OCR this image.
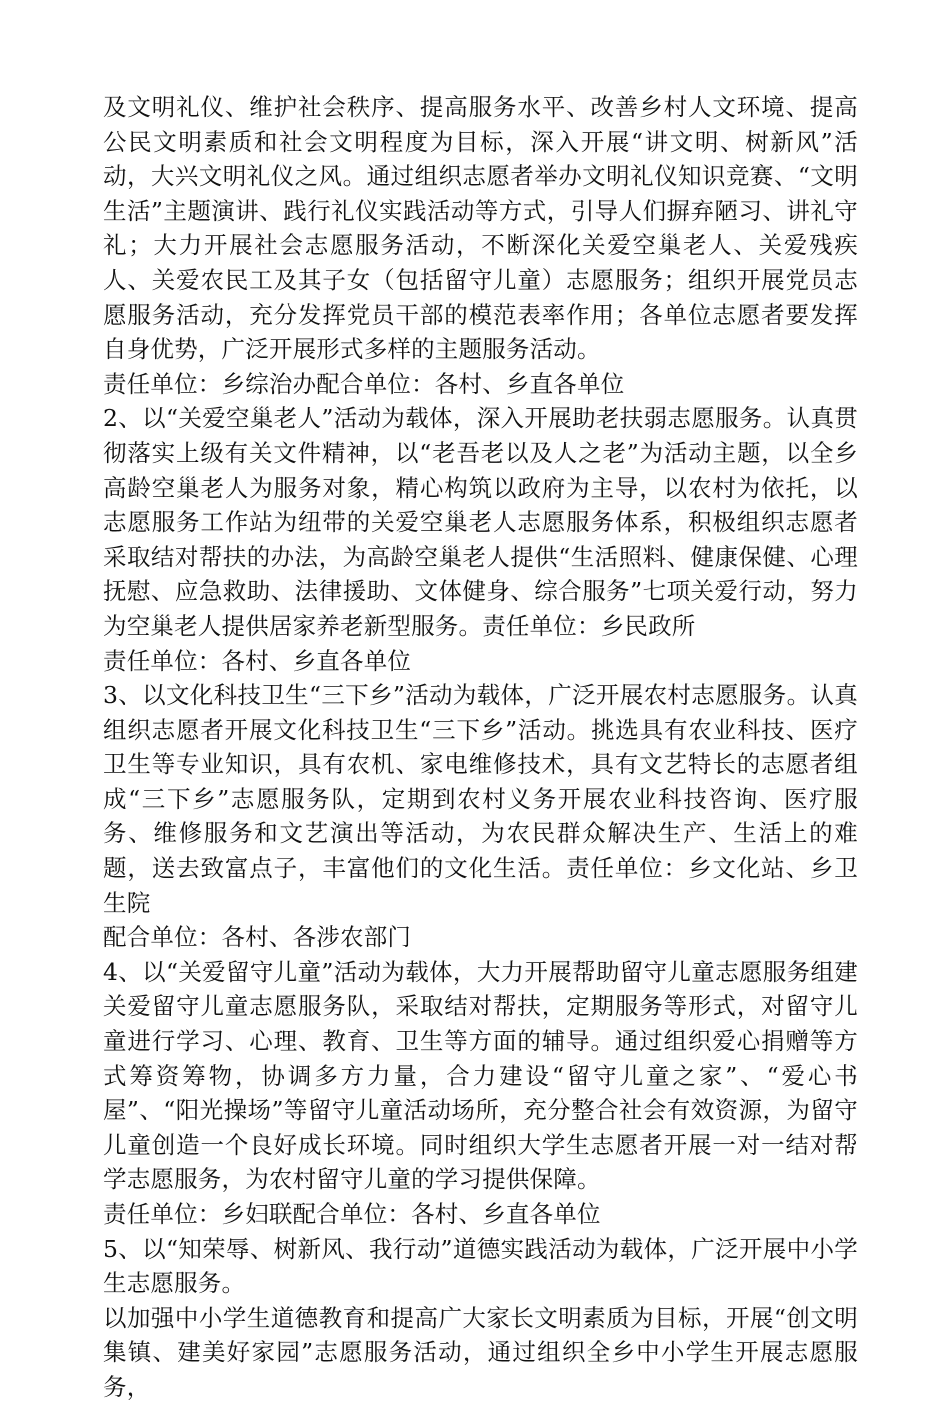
及文明礼仪、维护社会秩序、提高服务水平、改善乡村人文环境、提高公民文明素质和社会文明程度为目标，深入开展“讲文明、树新风”活动，大兴文明礼仪之风。通过组织志愿者举办文明礼仪知识竞赛、“文明生活”主题演讲、践行礼仪实践活动等方式，引导人们摒弃陋习、讲礼守礼；大力开展社会志愿服务活动，不断深化关爱空巢老人、关爱残疾人、关爱农民工及其子女（包括留守儿童）志愿服务；组织开展党员志愿服务活动，充分发挥党员干部的模范表率作用；各单位志愿者要发挥自身优势，广泛开展形式多样的主题服务活动。

责任单位：乡综治办配合单位：各村、乡直各单位

2、以“关爱空巢老人”活动为载体，深入开展助老扶弱志愿服务。认真贯彻落实上级有关文件精神，以“老吾老以及人之老”为活动主题，以全乡高龄空巢老人为服务对象，精心构筑以政府为主导，以农村为依托，以志愿服务工作站为纽带的关爱空巢老人志愿服务体系，积极组织志愿者采取结对帮扶的办法，为高龄空巢老人提供“生活照料、健康保健、心理抚慰、应急救助、法律援助、文体健身、综合服务”七项关爱行动，努力为空巢老人提供居家养老新型服务。责任单位：乡民政所

责任单位：各村、乡直各单位

3、以文化科技卫生“三下乡”活动为载体，广泛开展农村志愿服务。认真组织志愿者开展文化科技卫生“三下乡”活动。挑选具有农业科技、医疗卫生等专业知识，具有农机、家电维修技术，具有文艺特长的志愿者组成“三下乡”志愿服务队，定期到农村义务开展农业科技咨询、医疗服务、维修服务和文艺演出等活动，为农民群众解决生产、生活上的难题，送去致富点子，丰富他们的文化生活。责任单位：乡文化站、乡卫生院

配合单位：各村、各涉农部门

4、以“关爱留守儿童”活动为载体，大力开展帮助留守儿童志愿服务组建关爱留守儿童志愿服务队，采取结对帮扶，定期服务等形式，对留守儿童进行学习、心理、教育、卫生等方面的辅导。通过组织爱心捐赠等方式筹资筹物，协调多方力量，合力建设“留守儿童之家”、“爱心书屋”、“阳光操场”等留守儿童活动场所，充分整合社会有效资源，为留守儿童创造一个良好成长环境。同时组织大学生志愿者开展一对一结对帮学志愿服务，为农村留守儿童的学习提供保障。

责任单位：乡妇联配合单位：各村、乡直各单位

5、以“知荣辱、树新风、我行动”道德实践活动为载体，广泛开展中小学生志愿服务。

以加强中小学生道德教育和提高广大家长文明素质为目标，开展“创文明集镇、建美好家园”志愿服务活动，通过组织全乡中小学生开展志愿服务，
